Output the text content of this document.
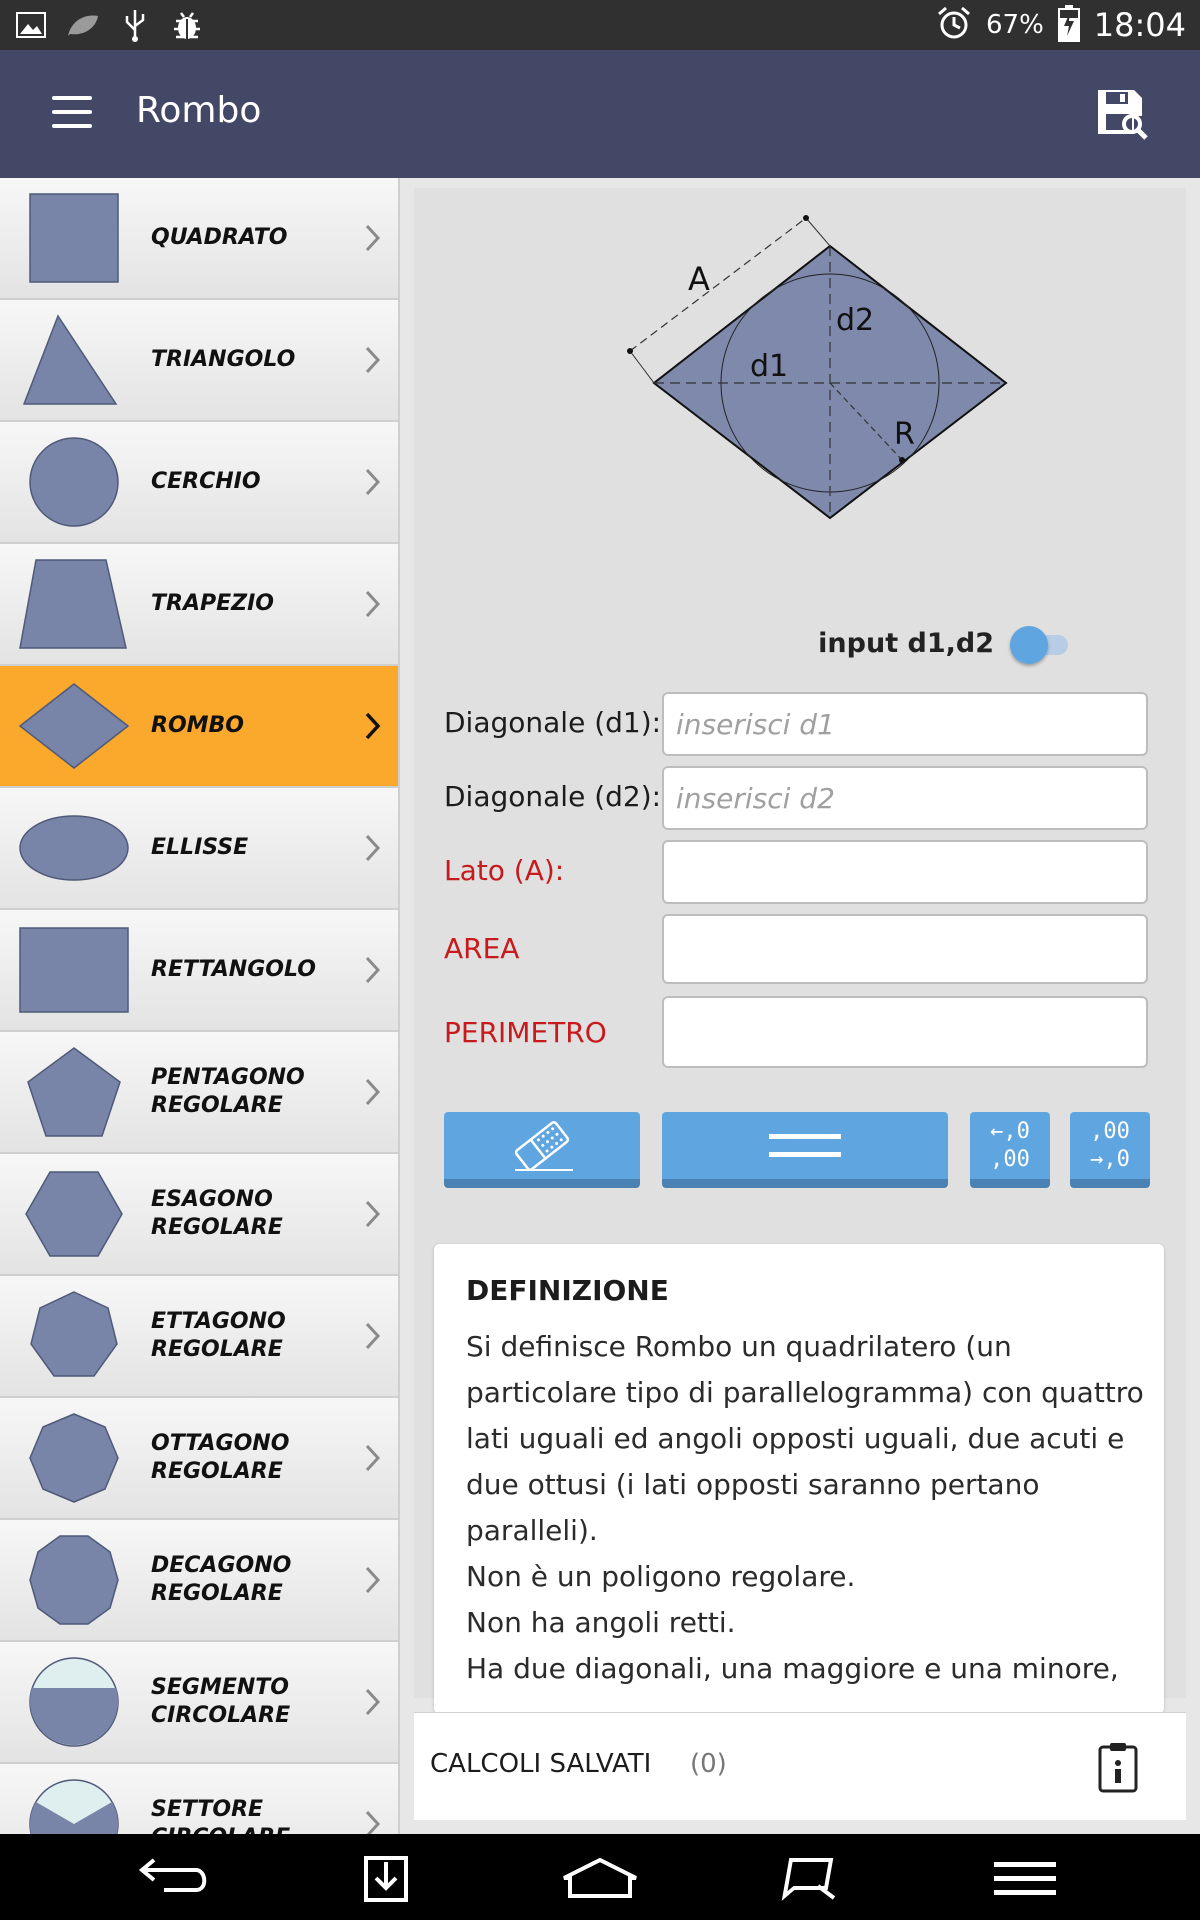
67% 18:04
Rombo
QUADRATO
TRIANGOLO
CERCHIO
TRAPEZIO
ROMBO
ELLISSE
RETTANGOLO
PENTAGONO
REGOLARE
ESAGONO
REGOLARE
ETTAGONO
REGOLARE
OTTAGONO
REGOLARE
DECAGONO
REGOLARE
SEGMENTO
CIRCOLARE
SETTORE

A
d2
d1
R
input d1,d2
Diagonale (d1):
inserisci d1
Diagonale (d2):
inserisci d2
Lato (A):
AREA
PERIMETRO
←,0
,00
,00
→,0
DEFINIZIONE

Si definisce Rombo un quadrilatero (un particolare tipo di parallelogramma) con quattro lati uguali ed angoli opposti uguali, due acuti e due ottusi (i lati opposti saranno pertano paralleli).

Non è un poligono regolare.

Non ha angoli retti.

Ha due diagonali, una maggiore e una minore,

CALCOLI SALVATI (0)
